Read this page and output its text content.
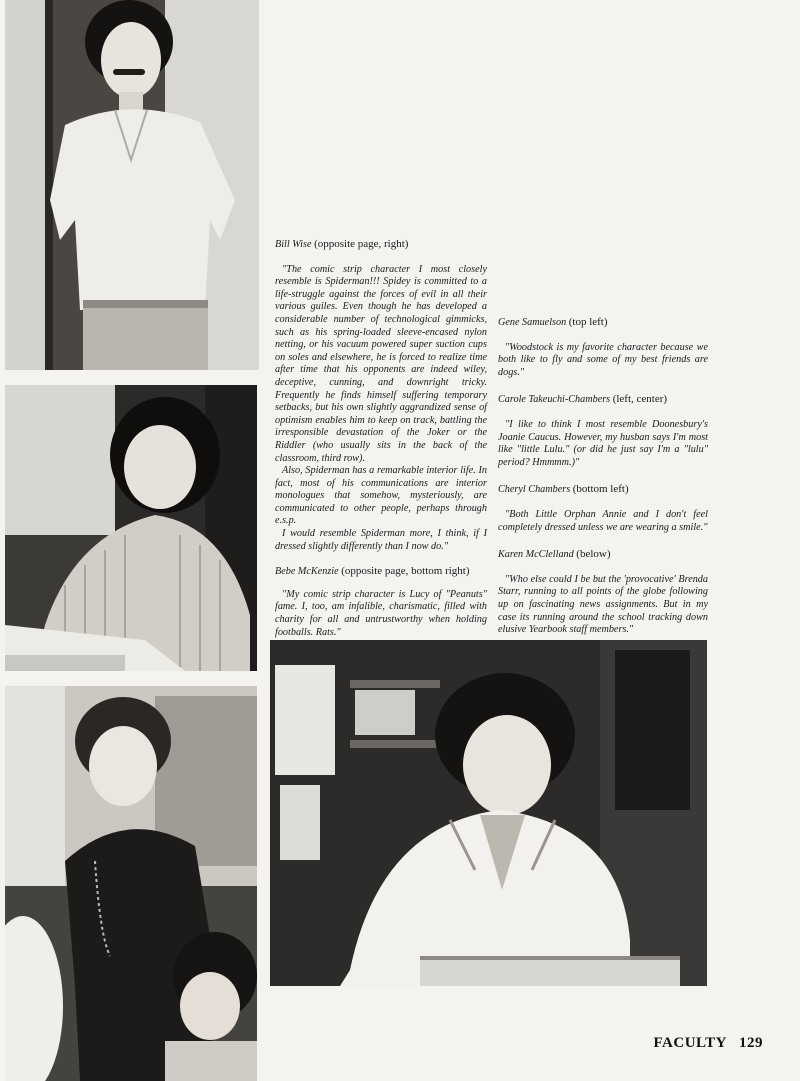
Bill Wise (opposite page, right)

"The comic strip character I most closely resemble is Spiderman!!! Spidey is committed to a life-struggle against the forces of evil in all their various guiles. Even though he has developed a considerable number of technological gimmicks, such as his spring-loaded sleeve-encased nylon netting, or his vacuum powered super suction cups on soles and elsewhere, he is forced to realize time after time that his opponents are indeed wiley, deceptive, cunning, and downright tricky. Frequently he finds himself suffering temporary setbacks, but his own slightly aggrandized sense of optimism enables him to keep on track, battling the irresponsible devastation of the Joker or the Riddler (who usually sits in the back of the classroom, third row).

Also, Spiderman has a remarkable interior life. In fact, most of his communications are interior monologues that somehow, mysteriously, are communicated to other people, perhaps through e.s.p.

I would resemble Spiderman more, I think, if I dressed slightly differently than I now do."

Bebe McKenzie (opposite page, bottom right)

"My comic strip character is Lucy of "Peanuts" fame. I, too, am infalible, charismatic, filled with charity for all and untrustworthy when holding footballs. Rats."

Gene Samuelson (top left)

"Woodstock is my favorite character because we both like to fly and some of my best friends are dogs."

Carole Takeuchi-Chambers (left, center)

"I like to think I most resemble Doonesbury's Joanie Caucus. However, my husban says I'm most like "little Lulu." (or did he just say I'm a "lulu" period? Hmmmm.)"

Cheryl Chambers (bottom left)

"Both Little Orphan Annie and I don't feel completely dressed unless we are wearing a smile."

Karen McClelland (below)

"Who else could I be but the 'provocative' Brenda Starr, running to all points of the globe following up on fascinating news assignments. But in my case its running around the school tracking down elusive Yearbook staff members."

FACULTY 129
